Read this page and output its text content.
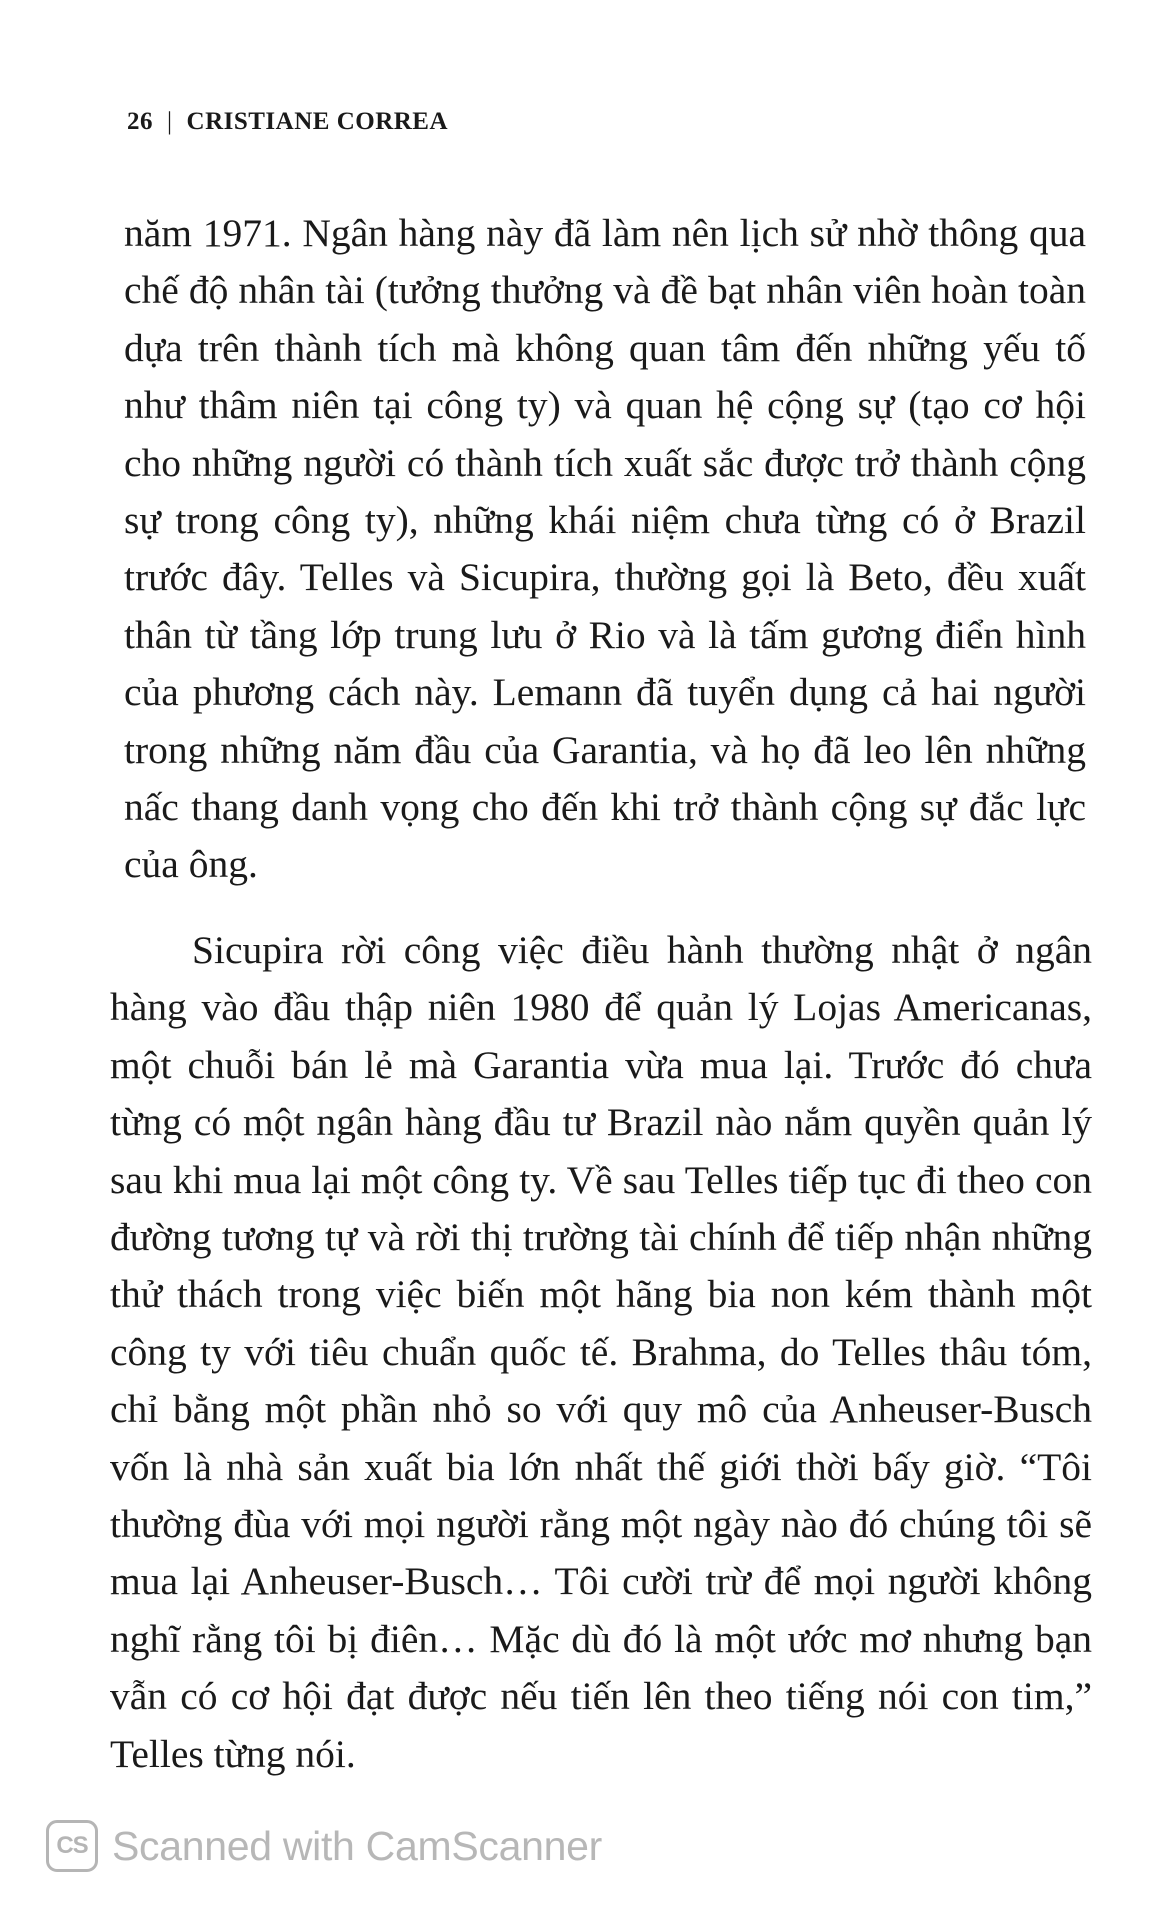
26 | CRISTIANE CORREA

năm 1971. Ngân hàng này đã làm nên lịch sử nhờ thông qua chế độ nhân tài (tưởng thưởng và đề bạt nhân viên hoàn toàn dựa trên thành tích mà không quan tâm đến những yếu tố như thâm niên tại công ty) và quan hệ cộng sự (tạo cơ hội cho những người có thành tích xuất sắc được trở thành cộng sự trong công ty), những khái niệm chưa từng có ở Brazil trước đây. Telles và Sicupira, thường gọi là Beto, đều xuất thân từ tầng lớp trung lưu ở Rio và là tấm gương điển hình của phương cách này. Lemann đã tuyển dụng cả hai người trong những năm đầu của Garantia, và họ đã leo lên những nấc thang danh vọng cho đến khi trở thành cộng sự đắc lực của ông.

Sicupira rời công việc điều hành thường nhật ở ngân hàng vào đầu thập niên 1980 để quản lý Lojas Americanas, một chuỗi bán lẻ mà Garantia vừa mua lại. Trước đó chưa từng có một ngân hàng đầu tư Brazil nào nắm quyền quản lý sau khi mua lại một công ty. Về sau Telles tiếp tục đi theo con đường tương tự và rời thị trường tài chính để tiếp nhận những thử thách trong việc biến một hãng bia non kém thành một công ty với tiêu chuẩn quốc tế. Brahma, do Telles thâu tóm, chỉ bằng một phần nhỏ so với quy mô của Anheuser-Busch vốn là nhà sản xuất bia lớn nhất thế giới thời bấy giờ. “Tôi thường đùa với mọi người rằng một ngày nào đó chúng tôi sẽ mua lại Anheuser-Busch… Tôi cười trừ để mọi người không nghĩ rằng tôi bị điên… Mặc dù đó là một ước mơ nhưng bạn vẫn có cơ hội đạt được nếu tiến lên theo tiếng nói con tim,” Telles từng nói.

CS Scanned with CamScanner
